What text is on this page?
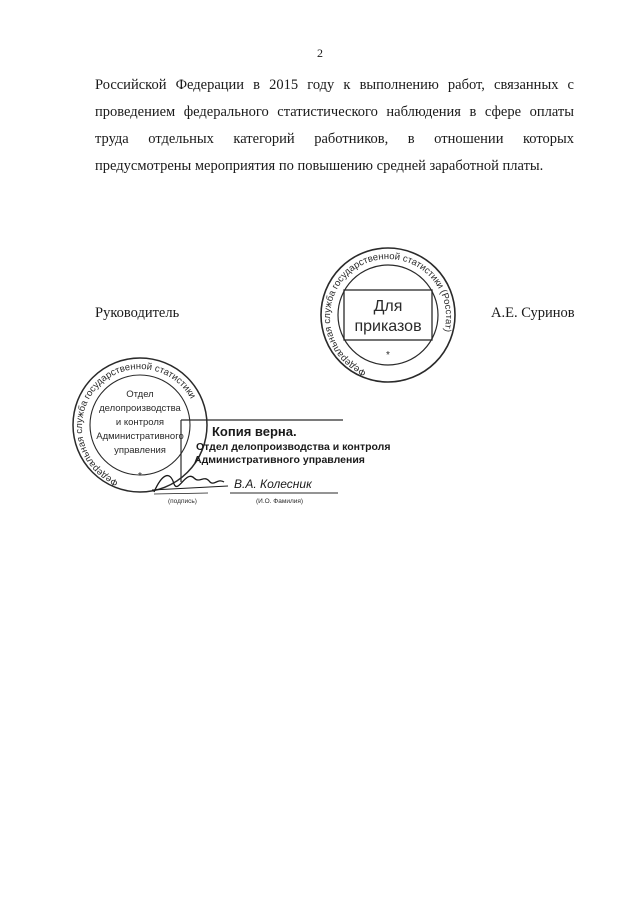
2
Российской Федерации в 2015 году к выполнению работ, связанных с
проведением федерального статистического наблюдения в сфере оплаты
труда отдельных категорий работников, в отношении которых
предусмотрены мероприятия по повышению средней заработной платы.
Руководитель	А.Е. Суринов
Федеральная служба государственной статистики (Росстат)
Для
приказов
*
Федеральная служба государственной статистики
Отдел
делопроизводства
и контроля
Административного
управления
*
Копия верна.
Отдел делопроизводства и контроля
Административного управления
В.А. Колесник
(подпись)	(И.О. Фамилия)
